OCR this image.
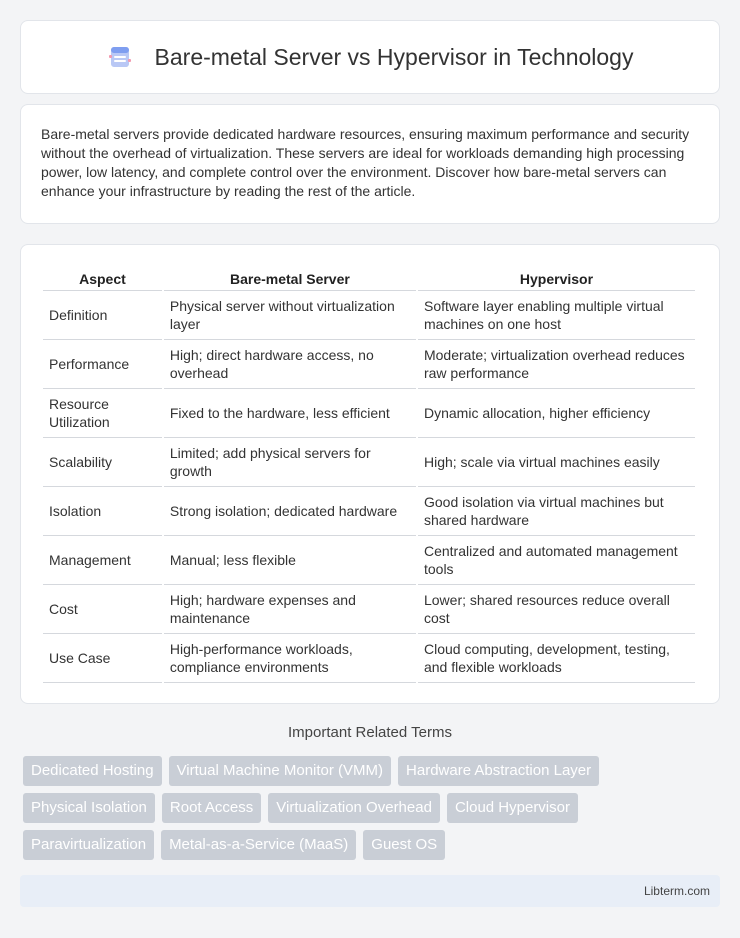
Bare-metal Server vs Hypervisor in Technology

Bare-metal servers provide dedicated hardware resources, ensuring maximum performance and security without the overhead of virtualization. These servers are ideal for workloads demanding high processing power, low latency, and complete control over the environment. Discover how bare-metal servers can enhance your infrastructure by reading the rest of the article.

Aspect	Bare-metal Server	Hypervisor
Definition	Physical server without virtualization layer	Software layer enabling multiple virtual machines on one host
Performance	High; direct hardware access, no overhead	Moderate; virtualization overhead reduces raw performance
Resource Utilization	Fixed to the hardware, less efficient	Dynamic allocation, higher efficiency
Scalability	Limited; add physical servers for growth	High; scale via virtual machines easily
Isolation	Strong isolation; dedicated hardware	Good isolation via virtual machines but shared hardware
Management	Manual; less flexible	Centralized and automated management tools
Cost	High; hardware expenses and maintenance	Lower; shared resources reduce overall cost
Use Case	High-performance workloads, compliance environments	Cloud computing, development, testing, and flexible workloads
Important Related Terms
Dedicated Hosting	Virtual Machine Monitor (VMM)	Hardware Abstraction Layer
Physical Isolation	Root Access	Virtualization Overhead	Cloud Hypervisor
Paravirtualization	Metal-as-a-Service (MaaS)	Guest OS
Libterm.com
